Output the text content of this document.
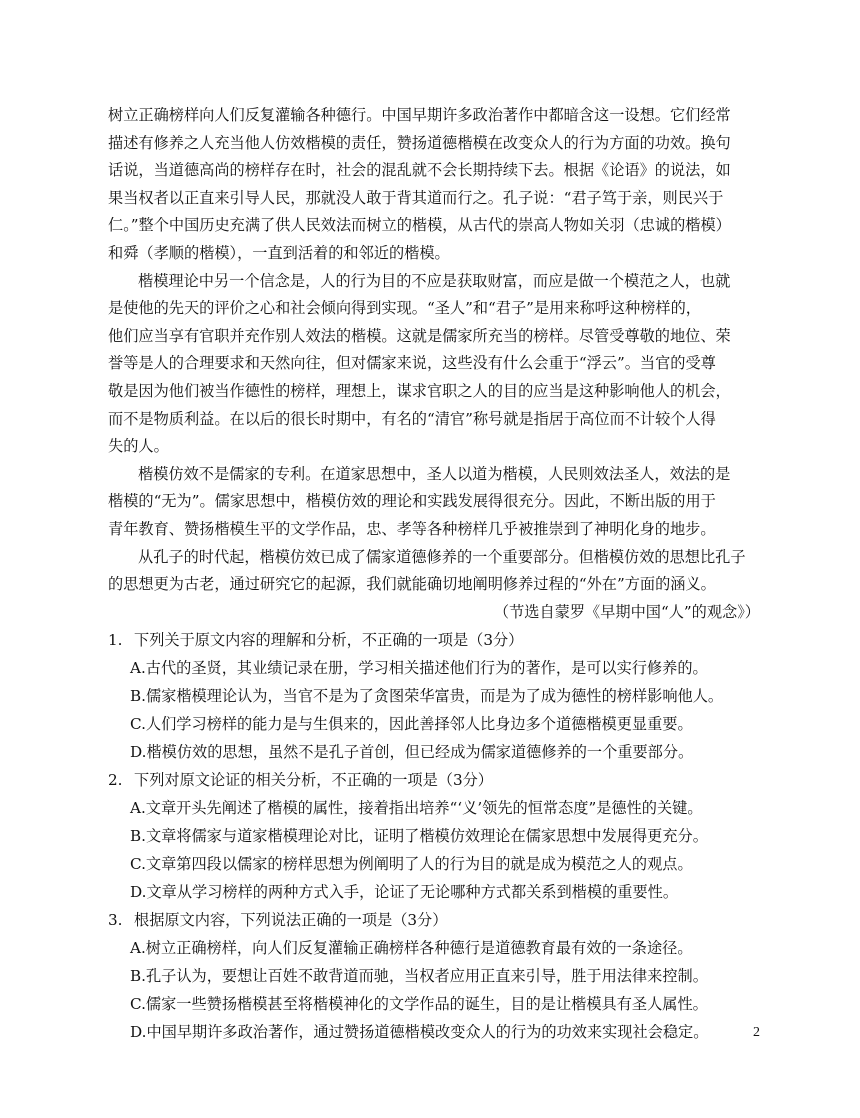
树立正确榜样向人们反复灌输各种德行。中国早期许多政治著作中都暗含这一设想。它们经常
描述有修养之人充当他人仿效楷模的责任，赞扬道德楷模在改变众人的行为方面的功效。换句
话说，当道德高尚的榜样存在时，社会的混乱就不会长期持续下去。根据《论语》的说法，如
果当权者以正直来引导人民，那就没人敢于背其道而行之。孔子说：“君子笃于亲，则民兴于
仁。”整个中国历史充满了供人民效法而树立的楷模，从古代的崇高人物如关羽（忠诚的楷模）
和舜（孝顺的楷模），一直到活着的和邻近的楷模。
楷模理论中另一个信念是，人的行为目的不应是获取财富，而应是做一个模范之人，也就
是使他的先天的评价之心和社会倾向得到实现。“圣人”和“君子”是用来称呼这种榜样的，
他们应当享有官职并充作别人效法的楷模。这就是儒家所充当的榜样。尽管受尊敬的地位、荣
誉等是人的合理要求和天然向往，但对儒家来说，这些没有什么会重于“浮云”。当官的受尊
敬是因为他们被当作德性的榜样，理想上，谋求官职之人的目的应当是这种影响他人的机会，
而不是物质利益。在以后的很长时期中，有名的“清官”称号就是指居于高位而不计较个人得
失的人。
楷模仿效不是儒家的专利。在道家思想中，圣人以道为楷模，人民则效法圣人，效法的是
楷模的“无为”。儒家思想中，楷模仿效的理论和实践发展得很充分。因此，不断出版的用于
青年教育、赞扬楷模生平的文学作品，忠、孝等各种榜样几乎被推崇到了神明化身的地步。
从孔子的时代起，楷模仿效已成了儒家道德修养的一个重要部分。但楷模仿效的思想比孔子
的思想更为古老，通过研究它的起源，我们就能确切地阐明修养过程的“外在”方面的涵义。
（节选自蒙罗《早期中国“人”的观念》）
1. 下列关于原文内容的理解和分析，不正确的一项是（3分）
A.古代的圣贤，其业绩记录在册，学习相关描述他们行为的著作，是可以实行修养的。
B.儒家楷模理论认为，当官不是为了贪图荣华富贵，而是为了成为德性的榜样影响他人。
C.人们学习榜样的能力是与生俱来的，因此善择邻人比身边多个道德楷模更显重要。
D.楷模仿效的思想，虽然不是孔子首创，但已经成为儒家道德修养的一个重要部分。
2. 下列对原文论证的相关分析，不正确的一项是（3分）
A.文章开头先阐述了楷模的属性，接着指出培养“‘义’领先的恒常态度”是德性的关键。
B.文章将儒家与道家楷模理论对比，证明了楷模仿效理论在儒家思想中发展得更充分。
C.文章第四段以儒家的榜样思想为例阐明了人的行为目的就是成为模范之人的观点。
D.文章从学习榜样的两种方式入手，论证了无论哪种方式都关系到楷模的重要性。
3. 根据原文内容，下列说法正确的一项是（3分）
A.树立正确榜样，向人们反复灌输正确榜样各种德行是道德教育最有效的一条途径。
B.孔子认为，要想让百姓不敢背道而驰，当权者应用正直来引导，胜于用法律来控制。
C.儒家一些赞扬楷模甚至将楷模神化的文学作品的诞生，目的是让楷模具有圣人属性。
D.中国早期许多政治著作，通过赞扬道德楷模改变众人的行为的功效来实现社会稳定。	2
